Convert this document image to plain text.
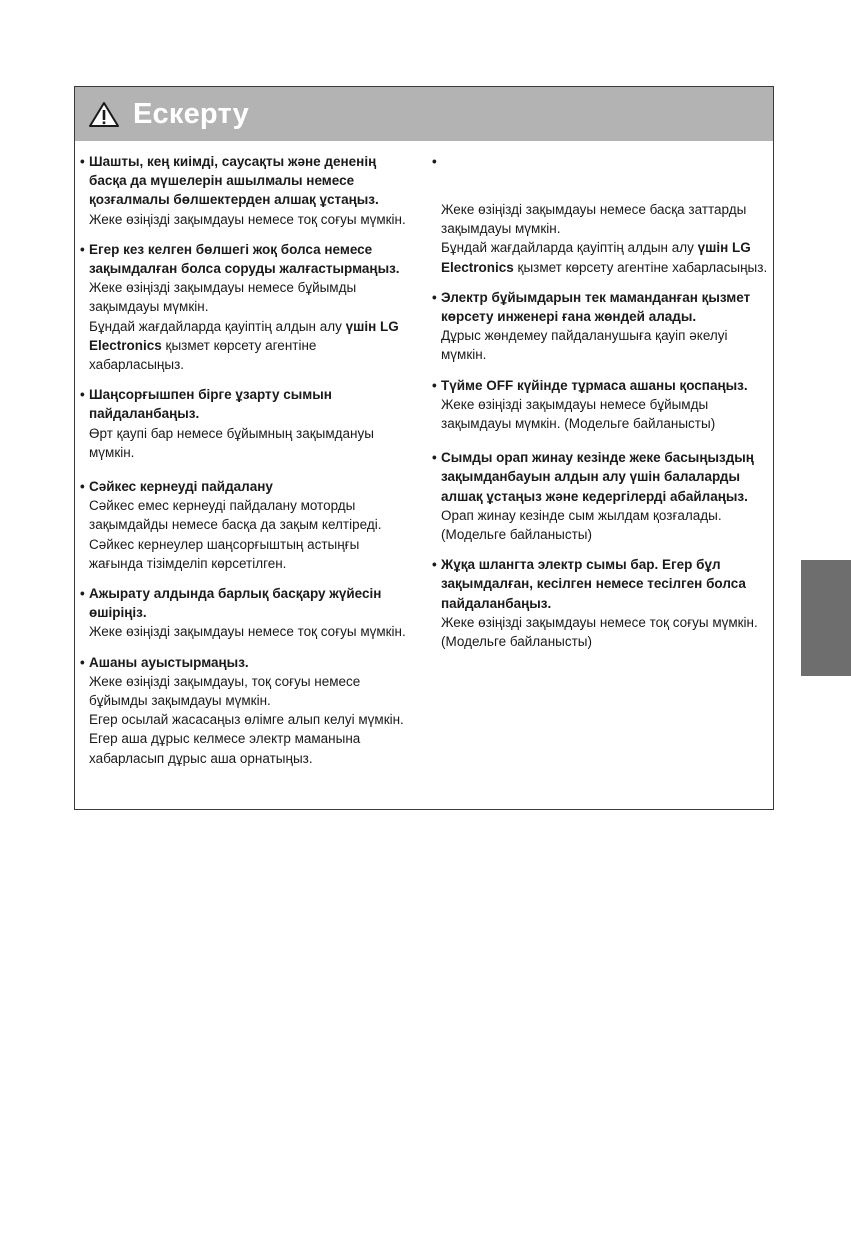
Ескерту
• Шашты, кең киімді, саусақты және дененің басқа да мүшелерін ашылмалы немесе қозғалмалы бөлшектерден алшақ ұстаңыз.
Жеке өзіңізді зақымдауы немесе тоқ соғуы мүмкін.
• Егер кез келген бөлшегі жоқ болса немесе зақымдалған болса соруды жалғастырмаңыз.
Жеке өзіңізді зақымдауы немесе бұйымды зақымдауы мүмкін.
Бұндай жағдайларда қауіптің алдын алу үшін LG Electronics қызмет көрсету агентіне хабарласыңыз.
• Шаңсорғышпен бірге ұзарту сымын пайдаланбаңыз.
Өрт қаупі бар немесе бұйымның зақымдануы мүмкін.
• Сәйкес кернеуді пайдалану
Сәйкес емес кернеуді пайдалану моторды зақымдайды немесе басқа да зақым келтіреді.
Сәйкес кернеулер шаңсорғыштың астыңғы жағында тізімделіп көрсетілген.
• Ажырату алдында барлық басқару жүйесін өшіріңіз.
Жеке өзіңізді зақымдауы немесе тоқ соғуы мүмкін.
• Ашаны ауыстырмаңыз.
Жеке өзіңізді зақымдауы, тоқ соғуы немесе бұйымды зақымдауы мүмкін.
Егер осылай жасасаңыз өлімге алып келуі мүмкін. Егер аша дұрыс келмесе электр маманына хабарласып дұрыс аша орнатыңыз.
• Жеке өзіңізді зақымдауы немесе басқа заттарды зақымдауы мүмкін.
Бұндай жағдайларда қауіптің алдын алу үшін LG Electronics қызмет көрсету агентіне хабарласыңыз.
• Электр бұйымдарын тек маманданған қызмет көрсету инженері ғана жөндей алады.
Дұрыс жөндемеу пайдаланушыға қауіп әкелуі мүмкін.
• Түйме OFF күйінде тұрмаса ашаны қоспаңыз.
Жеке өзіңізді зақымдауы немесе бұйымды зақымдауы мүмкін. (Модельге байланысты)
• Сымды орап жинау кезінде жеке басыңыздың зақымданбауын алдын алу үшін балаларды алшақ ұстаңыз және кедергілерді абайлаңыз.
Орап жинау кезінде сым жылдам қозғалады.
(Модельге байланысты)
• Жұқа шлангта электр сымы бар. Егер бұл зақымдалған, кесілген немесе тесілген болса пайдаланбаңыз.
Жеке өзіңізді зақымдауы немесе тоқ соғуы мүмкін.(Модельге байланысты)
